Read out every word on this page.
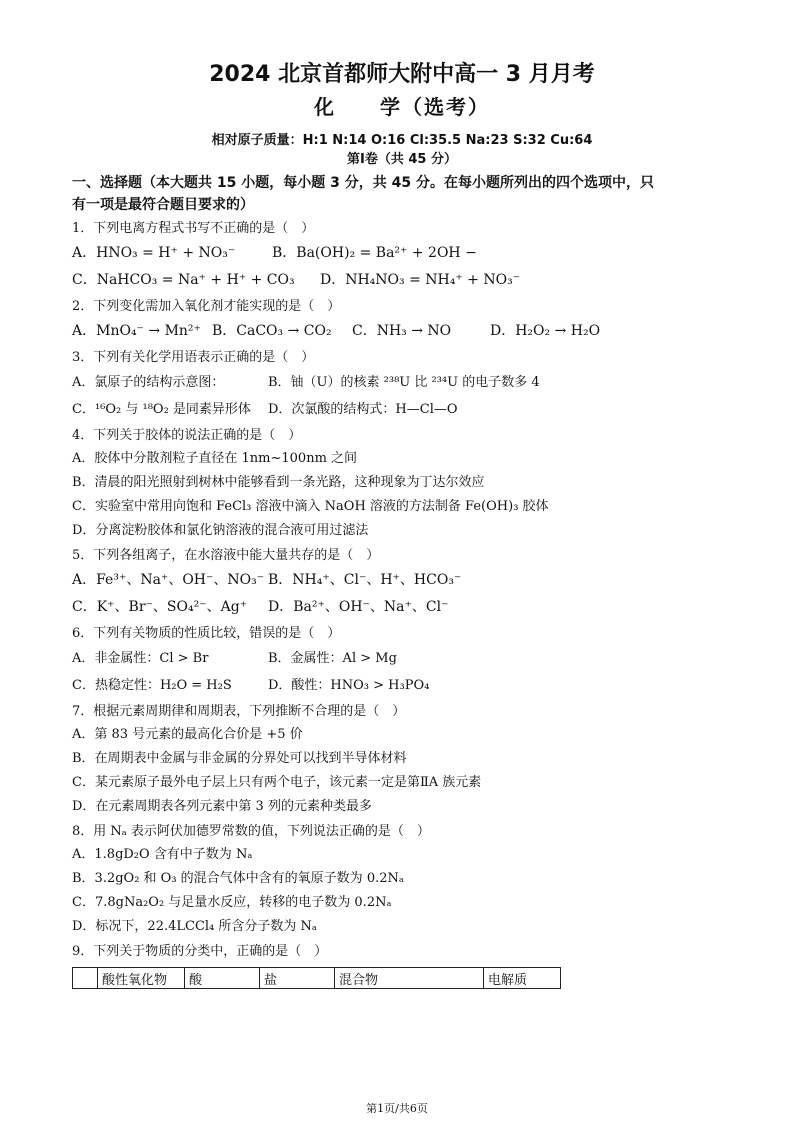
2024 北京首都师大附中高一 3 月月考
化　　学（选考）
相对原子质量：H:1 N:14 O:16 Cl:35.5 Na:23 S:32 Cu:64
第Ⅰ卷（共 45 分）
一、选择题（本大题共 15 小题，每小题 3 分，共 45 分。在每小题所列出的四个选项中，只
有一项是最符合题目要求的）
1．下列电离方程式书写不正确的是（　）
A．HNO₃ = H⁺ + NO₃⁻	B．Ba(OH)₂ = Ba²⁺ + 2OH −
C．NaHCO₃ = Na⁺ + H⁺ + CO₃	D．NH₄NO₃ = NH₄⁺ + NO₃⁻
2．下列变化需加入氧化剂才能实现的是（　）
A．MnO₄⁻ → Mn²⁺ B．CaCO₃ → CO₂	C．NH₃ → NO	D．H₂O₂ → H₂O
3．下列有关化学用语表示正确的是（　）
A．氯原子的结构示意图：	B．铀（U）的核素 ²³⁸U 比 ²³⁴U 的电子数多 4
C．¹⁶O₂ 与 ¹⁸O₂ 是同素异形体	D．次氯酸的结构式：H—Cl—O
4．下列关于胶体的说法正确的是（　）
A．胶体中分散剂粒子直径在 1nm~100nm 之间
B．清晨的阳光照射到树林中能够看到一条光路，这种现象为丁达尔效应
C．实验室中常用向饱和 FeCl₃ 溶液中滴入 NaOH 溶液的方法制备 Fe(OH)₃ 胶体
D．分离淀粉胶体和氯化钠溶液的混合液可用过滤法
5．下列各组离子，在水溶液中能大量共存的是（　）
A．Fe³⁺、Na⁺、OH⁻、NO₃⁻ B．NH₄⁺、Cl⁻、H⁺、HCO₃⁻
C．K⁺、Br⁻、SO₄²⁻、Ag⁺	D．Ba²⁺、OH⁻、Na⁺、Cl⁻
6．下列有关物质的性质比较，错误的是（　）
A．非金属性：Cl > Br	B．金属性：Al > Mg
C．热稳定性：H₂O = H₂S	D．酸性：HNO₃ > H₃PO₄
7．根据元素周期律和周期表，下列推断不合理的是（　）
A．第 83 号元素的最高化合价是 +5 价
B．在周期表中金属与非金属的分界处可以找到半导体材料
C．某元素原子最外电子层上只有两个电子，该元素一定是第ⅡA 族元素
D．在元素周期表各列元素中第 3 列的元素种类最多
8．用 Nₐ 表示阿伏加德罗常数的值，下列说法正确的是（　）
A．1.8gD₂O 含有中子数为 Nₐ
B．3.2gO₂ 和 O₃ 的混合气体中含有的氧原子数为 0.2Nₐ
C．7.8gNa₂O₂ 与足量水反应，转移的电子数为 0.2Nₐ
D．标况下，22.4LCCl₄ 所含分子数为 Nₐ
9．下列关于物质的分类中，正确的是（　）
	酸性氧化物	酸	盐	混合物	电解质
第1页/共6页
